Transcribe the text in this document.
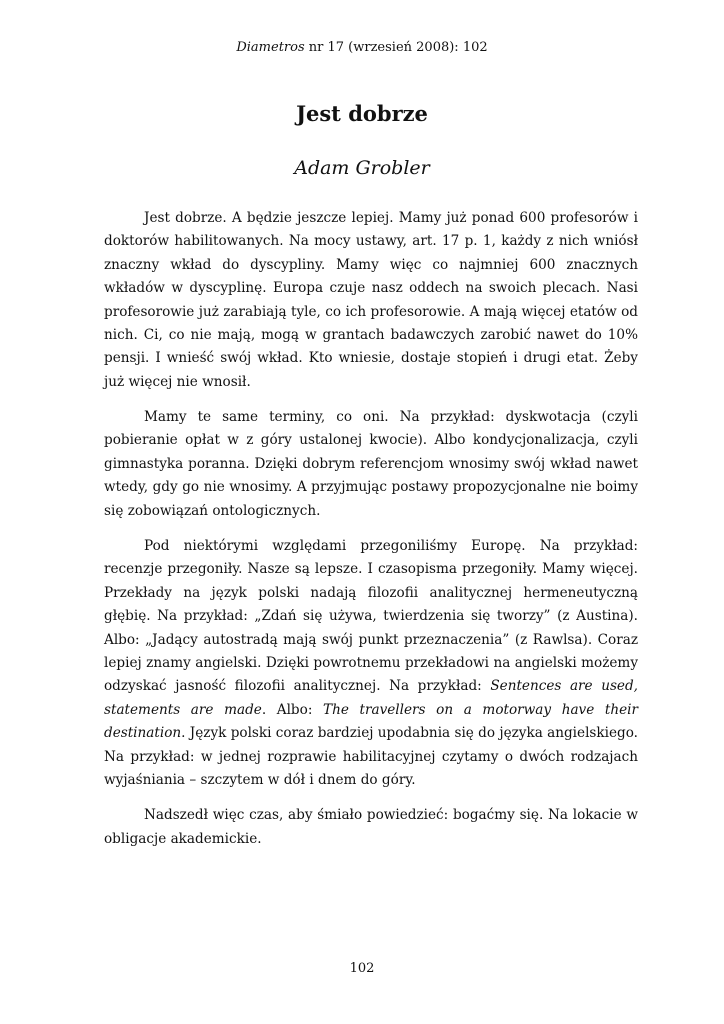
Diametros nr 17 (wrzesień 2008): 102
Jest dobrze
Adam Grobler

Jest dobrze. A będzie jeszcze lepiej. Mamy już ponad 600 profesorów i doktorów habilitowanych. Na mocy ustawy, art. 17 p. 1, każdy z nich wniósł znaczny wkład do dyscypliny. Mamy więc co najmniej 600 znacznych wkładów w dyscyplinę. Europa czuje nasz oddech na swoich plecach. Nasi profesorowie już zarabiają tyle, co ich profesorowie. A mają więcej etatów od nich. Ci, co nie mają, mogą w grantach badawczych zarobić nawet do 10% pensji. I wnieść swój wkład. Kto wniesie, dostaje stopień i drugi etat. Żeby już więcej nie wnosił.

Mamy te same terminy, co oni. Na przykład: dyskwotacja (czyli pobieranie opłat w z góry ustalonej kwocie). Albo kondycjonalizacja, czyli gimnastyka poranna. Dzięki dobrym referencjom wnosimy swój wkład nawet wtedy, gdy go nie wnosimy. A przyjmując postawy propozycjonalne nie boimy się zobowiązań ontologicznych.

Pod niektórymi względami przegoniliśmy Europę. Na przykład: recenzje przegoniły. Nasze są lepsze. I czasopisma przegoniły. Mamy więcej. Przekłady na język polski nadają filozofii analitycznej hermeneutyczną głębię. Na przykład: „Zdań się używa, twierdzenia się tworzy” (z Austina). Albo: „Jadący autostradą mają swój punkt przeznaczenia” (z Rawlsa). Coraz lepiej znamy angielski. Dzięki powrotnemu przekładowi na angielski możemy odzyskać jasność filozofii analitycznej. Na przykład: Sentences are used, statements are made. Albo: The travellers on a motorway have their destination. Język polski coraz bardziej upodabnia się do języka angielskiego. Na przykład: w jednej rozprawie habilitacyjnej czytamy o dwóch rodzajach wyjaśniania – szczytem w dół i dnem do góry.

Nadszedł więc czas, aby śmiało powiedzieć: bogaćmy się. Na lokacie w obligacje akademickie.

102
